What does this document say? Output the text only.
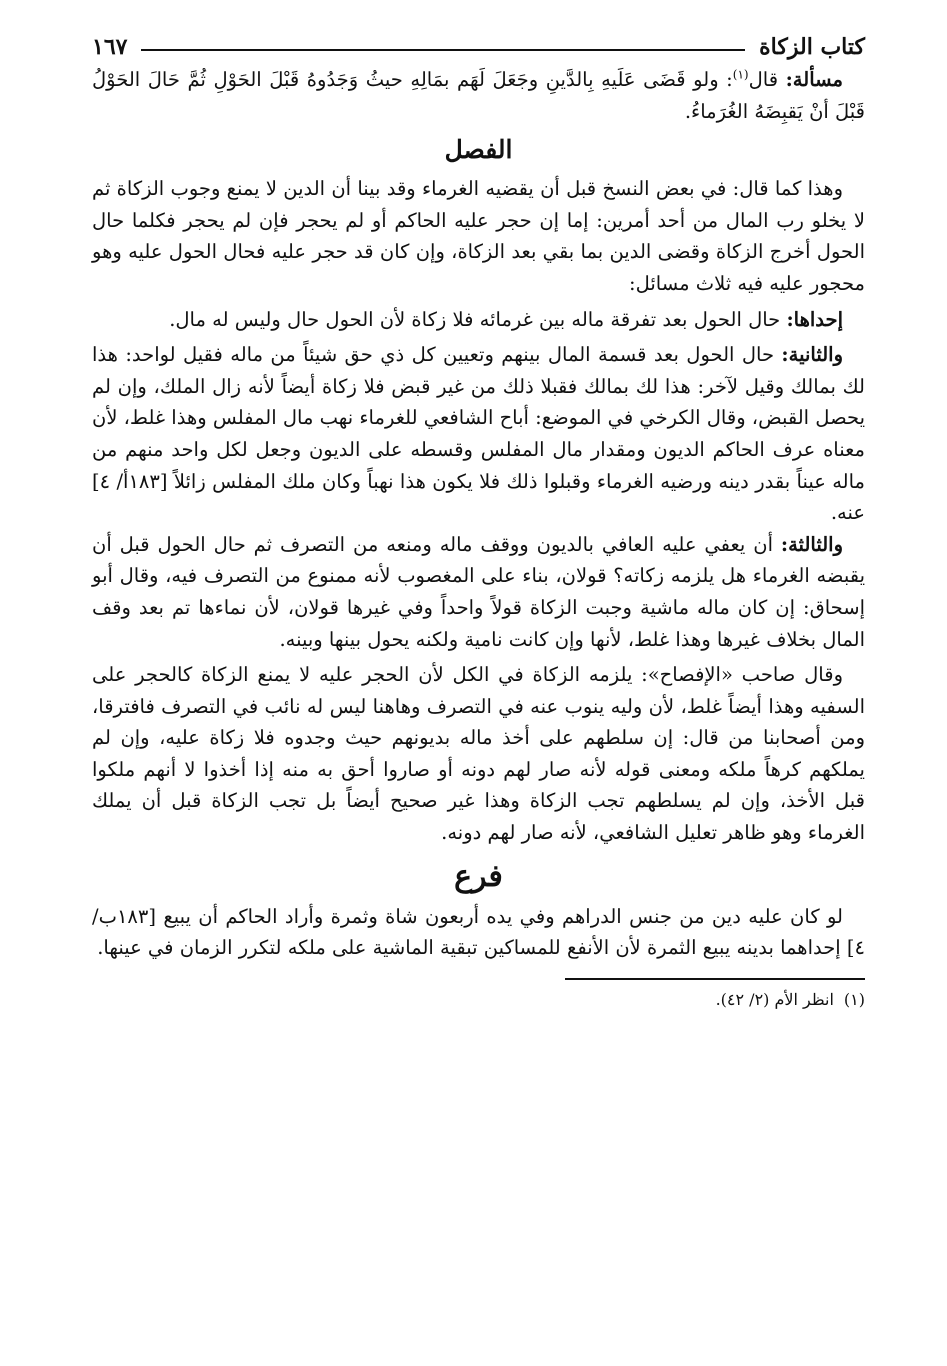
كتاب الزكاة
١٦٧

مسألة: قال$^{(١)}$: ولو قَضَى عَلَيهِ بِالدَّينِ وجَعَلَ لَهَم بمَالِهِ حيثُ وَجَدُوهُ قَبْلَ الحَوْلِ ثُمَّ حَالَ الحَوْلُ قَبْلَ أنْ يَقبِضَهُ الغُرَماءُ.

الفصل

وهذا كما قال: في بعض النسخ قبل أن يقضيه الغرماء وقد بينا أن الدين لا يمنع وجوب الزكاة ثم لا يخلو رب المال من أحد أمرين: إما إن حجر عليه الحاكم أو لم يحجر فإن لم يحجر فكلما حال الحول أخرج الزكاة وقضى الدين بما بقي بعد الزكاة، وإن كان قد حجر عليه فحال الحول عليه وهو محجور عليه فيه ثلاث مسائل:

إحداها: حال الحول بعد تفرقة ماله بين غرمائه فلا زكاة لأن الحول حال وليس له مال.

والثانية: حال الحول بعد قسمة المال بينهم وتعيين كل ذي حق شيئاً من ماله فقيل لواحد: هذا لك بمالك وقيل لآخر: هذا لك بمالك فقبلا ذلك من غير قبض فلا زكاة أيضاً لأنه زال الملك، وإن لم يحصل القبض، وقال الكرخي في الموضع: أباح الشافعي للغرماء نهب مال المفلس وهذا غلط، لأن معناه عرف الحاكم الديون ومقدار مال المفلس وقسطه على الديون وجعل لكل واحد منهم من ماله عيناً بقدر دينه ورضيه الغرماء وقبلوا ذلك فلا يكون هذا نهباً وكان ملك المفلس زائلاً [١٨٣أ/ ٤] عنه.

والثالثة: أن يعفي عليه العافي بالديون ووقف ماله ومنعه من التصرف ثم حال الحول قبل أن يقبضه الغرماء هل يلزمه زكاته؟ قولان، بناء على المغصوب لأنه ممنوع من التصرف فيه، وقال أبو إسحاق: إن كان ماله ماشية وجبت الزكاة قولاً واحداً وفي غيرها قولان، لأن نماءها تم بعد وقف المال بخلاف غيرها وهذا غلط، لأنها وإن كانت نامية ولكنه يحول بينها وبينه.

وقال صاحب «الإفصاح»: يلزمه الزكاة في الكل لأن الحجر عليه لا يمنع الزكاة كالحجر على السفيه وهذا أيضاً غلط، لأن وليه ينوب عنه في التصرف وهاهنا ليس له نائب في التصرف فافترقا، ومن أصحابنا من قال: إن سلطهم على أخذ ماله بديونهم حيث وجدوه فلا زكاة عليه، وإن لم يملكهم كرهاً ملكه ومعنى قوله لأنه صار لهم دونه أو صاروا أحق به منه إذا أخذوا لا أنهم ملكوا قبل الأخذ، وإن لم يسلطهم تجب الزكاة وهذا غير صحيح أيضاً بل تجب الزكاة قبل أن يملك الغرماء وهو ظاهر تعليل الشافعي، لأنه صار لهم دونه.

فرع

لو كان عليه دين من جنس الدراهم وفي يده أربعون شاة وثمرة وأراد الحاكم أن يبيع [١٨٣ب/ ٤] إحداهما بدينه يبيع الثمرة لأن الأنفع للمساكين تبقية الماشية على ملكه لتكرر الزمان في عينها.

(١)انظر الأم (٢/ ٤٢).
